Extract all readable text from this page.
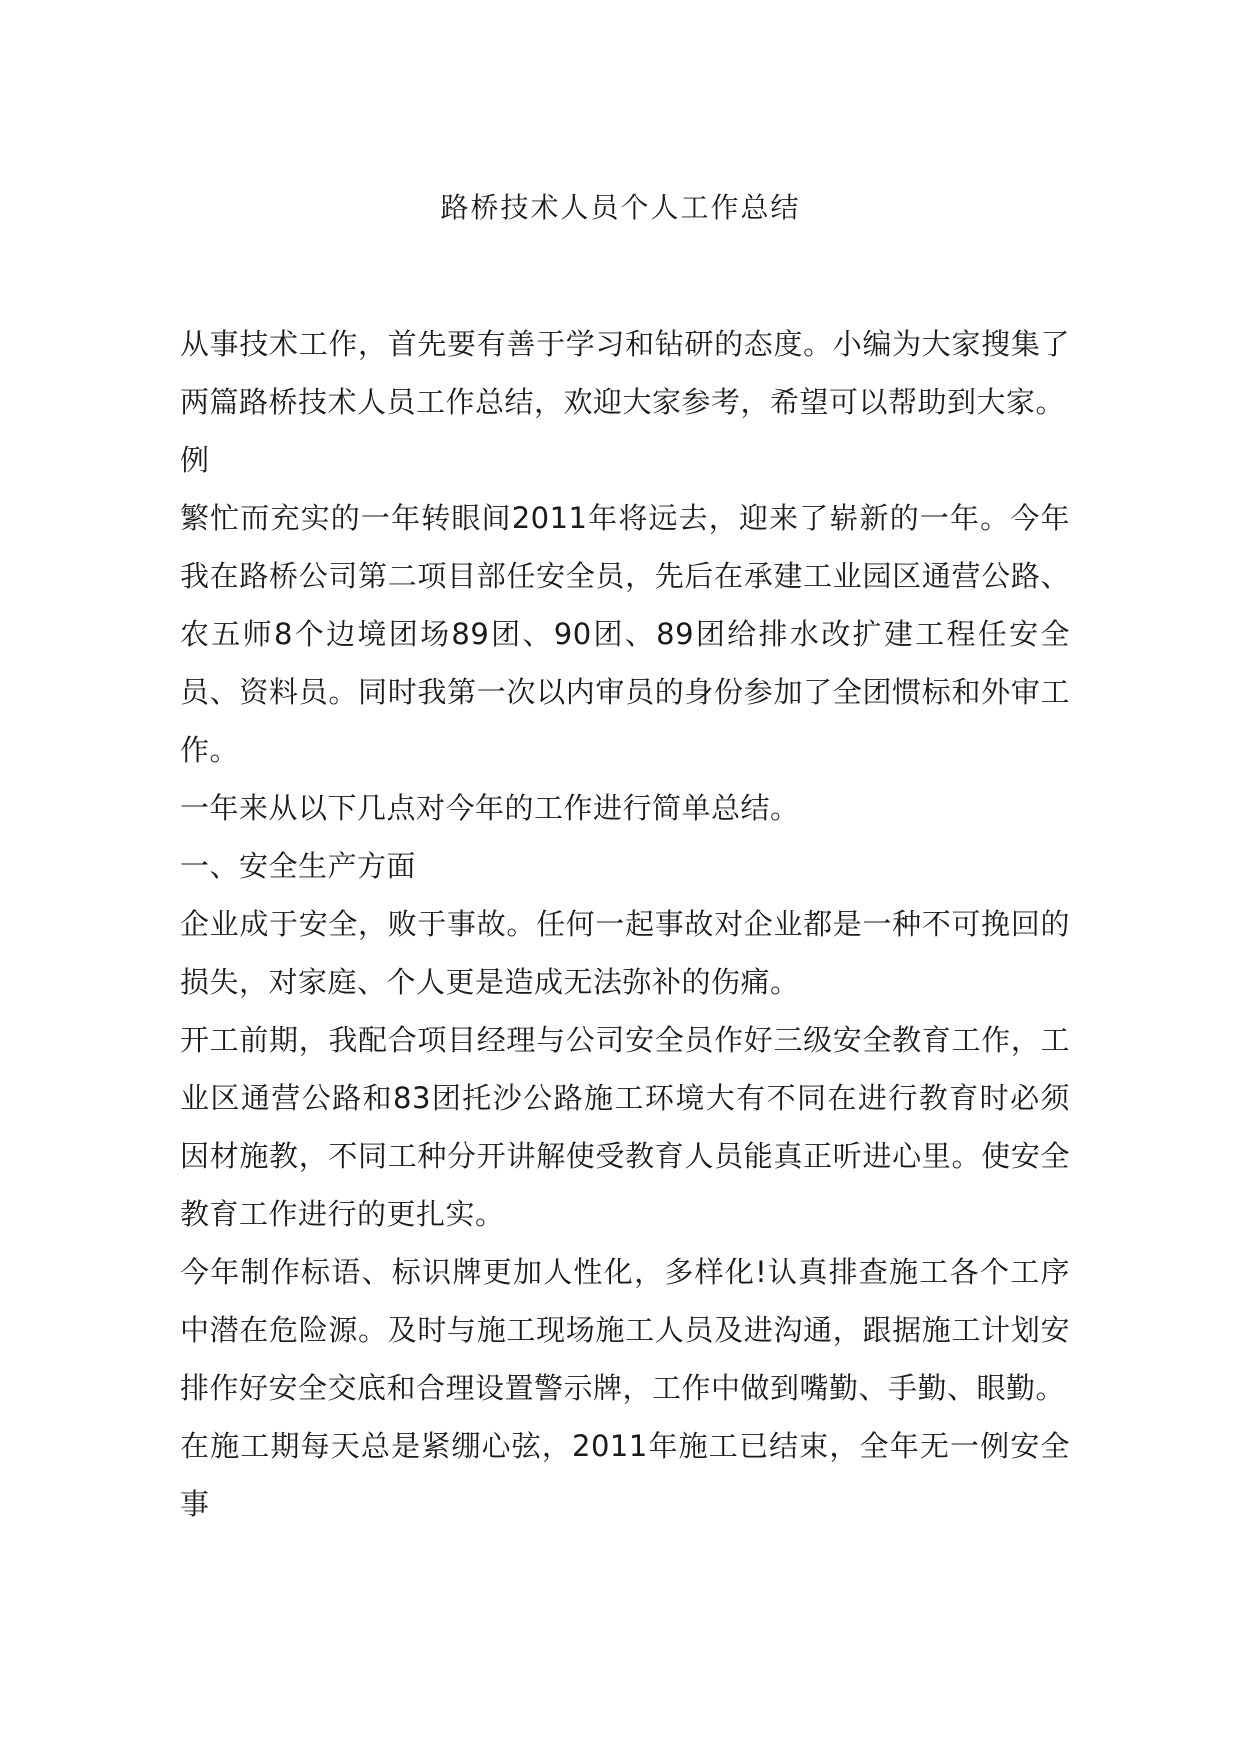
路桥技术人员个人工作总结

从事技术工作，首先要有善于学习和钻研的态度。小编为大家搜集了两篇路桥技术人员工作总结，欢迎大家参考，希望可以帮助到大家。

例

繁忙而充实的一年转眼间2011年将远去，迎来了崭新的一年。今年我在路桥公司第二项目部任安全员，先后在承建工业园区通营公路、农五师8个边境团场89团、90团、89团给排水改扩建工程任安全员、资料员。同时我第一次以内审员的身份参加了全团惯标和外审工作。

一年来从以下几点对今年的工作进行简单总结。

一、安全生产方面

企业成于安全，败于事故。任何一起事故对企业都是一种不可挽回的损失，对家庭、个人更是造成无法弥补的伤痛。

开工前期，我配合项目经理与公司安全员作好三级安全教育工作，工业区通营公路和83团托沙公路施工环境大有不同在进行教育时必须因材施教，不同工种分开讲解使受教育人员能真正听进心里。使安全教育工作进行的更扎实。

今年制作标语、标识牌更加人性化，多样化!认真排查施工各个工序中潜在危险源。及时与施工现场施工人员及进沟通，跟据施工计划安排作好安全交底和合理设置警示牌，工作中做到嘴勤、手勤、眼勤。

在施工期每天总是紧绷心弦，2011年施工已结束，全年无一例安全事
